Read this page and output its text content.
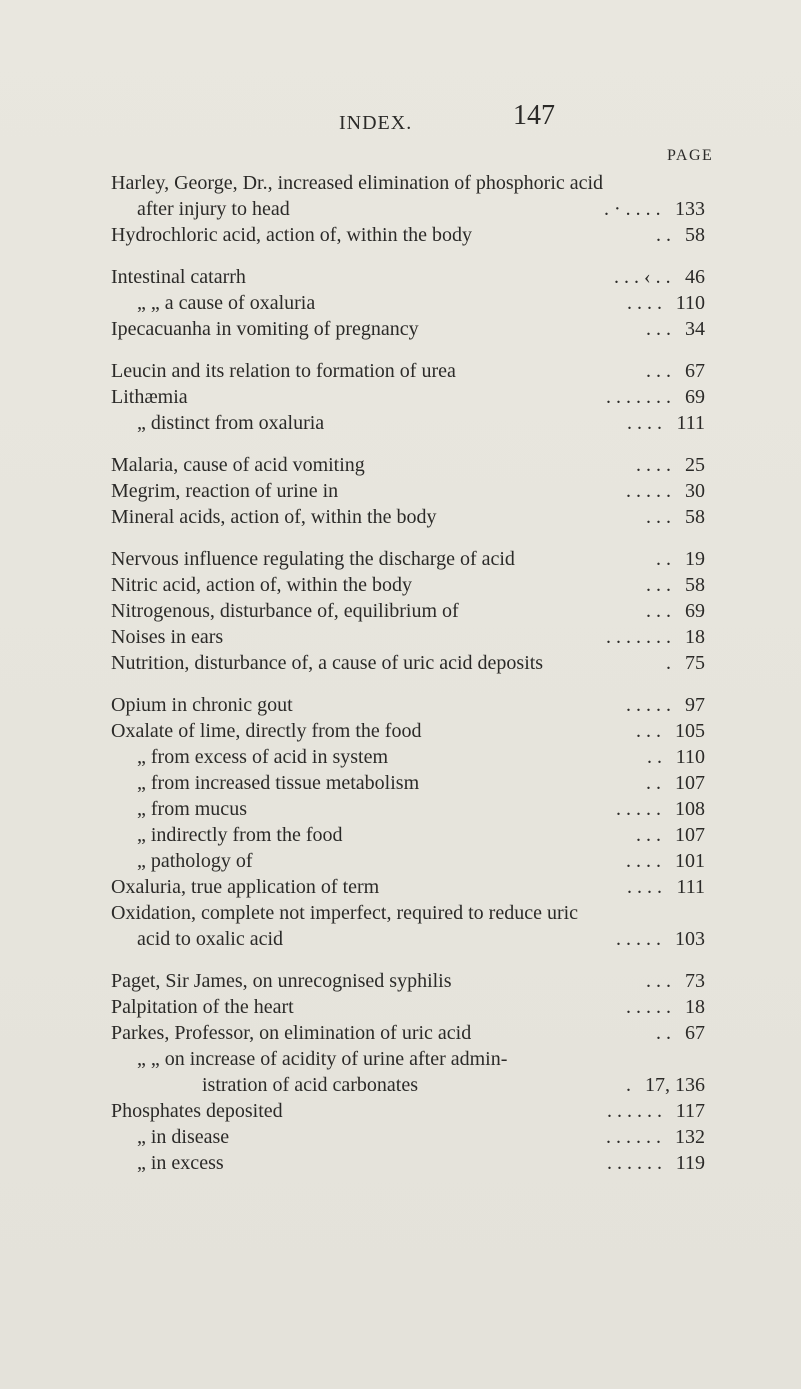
INDEX.	147
PAGE
Harley, George, Dr., increased elimination of phosphoric acid
after injury to head	. · . . . . 133
Hydrochloric acid, action of, within the body	. . 58
Intestinal catarrh	. . . ‹ . . 46
„ „ a cause of oxaluria	. . . . 110
Ipecacuanha in vomiting of pregnancy	. . . 34
Leucin and its relation to formation of urea	. . . 67
Lithæmia	. . . . . . . 69
„ distinct from oxaluria	. . . . 111
Malaria, cause of acid vomiting	. . . . 25
Megrim, reaction of urine in	. . . . . 30
Mineral acids, action of, within the body	. . . 58
Nervous influence regulating the discharge of acid	. . 19
Nitric acid, action of, within the body	. . . 58
Nitrogenous, disturbance of, equilibrium of	. . . 69
Noises in ears	. . . . . . . 18
Nutrition, disturbance of, a cause of uric acid deposits	. 75
Opium in chronic gout	. . . . . 97
Oxalate of lime, directly from the food	. . . 105
„ from excess of acid in system	. . 110
„ from increased tissue metabolism	. . 107
„ from mucus	. . . . . 108
„ indirectly from the food	. . . 107
„ pathology of	. . . . 101
Oxaluria, true application of term	. . . . 111
Oxidation, complete not imperfect, required to reduce uric
acid to oxalic acid	. . . . . 103
Paget, Sir James, on unrecognised syphilis	. . . 73
Palpitation of the heart	. . . . . 18
Parkes, Professor, on elimination of uric acid	. . 67
„ „ on increase of acidity of urine after admin-
istration of acid carbonates	. 17, 136
Phosphates deposited	. . . . . . 117
„ in disease	. . . . . . 132
„ in excess	. . . . . . 119
